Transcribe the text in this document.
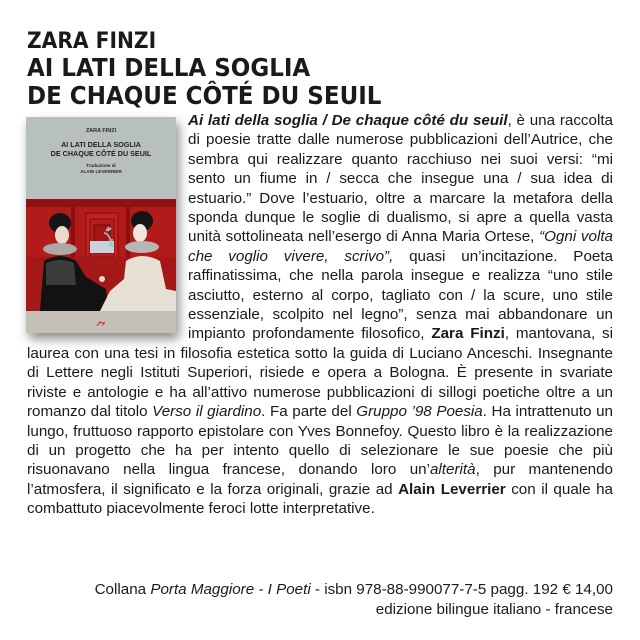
ZARA FINZI
AI LATI DELLA SOGLIA
DE CHAQUE CÔTÉ DU SEUIL
ZARA FINZI
AI LATI DELLA SOGLIA
DE CHAQUE CÔTÉ DU SEUIL
Traduzione di
ALAIN LEVERRIER
⺈
Ai lati della soglia / De chaque côté du seuil, è una raccolta di poesie tratte dalle numerose pubblicazioni dell’Autrice, che sembra qui realizzare quanto racchiuso nei suoi versi: “mi sento un fiume in / secca che insegue una / sua idea di estuario.” Dove l’estuario, oltre a marcare la metafora della sponda dunque le soglie di dualismo, si apre a quella vasta unità sottolineata nell’esergo di Anna Maria Ortese, “Ogni volta che voglio vivere, scrivo”, quasi un’incitazione. Poeta raffinatissima, che nella parola insegue e realizza “uno stile asciutto, esterno al corpo, tagliato con / la scure, uno stile essenziale, scolpito nel legno”, senza mai abbandonare un impianto profondamente filosofico, Zara Finzi, mantovana, si laurea con una tesi in filosofia estetica sotto la guida di Luciano Anceschi. Insegnante di Lettere negli Istituti Superiori, risiede e opera a Bologna. È presente in svariate riviste e antologie e ha all’attivo numerose pubblicazioni di sillogi poetiche oltre a un romanzo dal titolo Verso il giardino. Fa parte del Gruppo ’98 Poesia. Ha intrattenuto un lungo, fruttuoso rapporto epistolare con Yves Bonnefoy. Questo libro è la realizzazione di un progetto che ha per intento quello di selezionare le sue poesie che più risuonavano nella lingua francese, donando loro un’alterità, pur mantenendo l’atmosfera, il significato e la forza originali, grazie ad Alain Leverrier con il quale ha combattuto piacevolmente feroci lotte interpretative.
Collana Porta Maggiore - I Poeti - isbn 978-88-990077-7-5 pagg. 192 € 14,00
edizione bilingue italiano - francese
